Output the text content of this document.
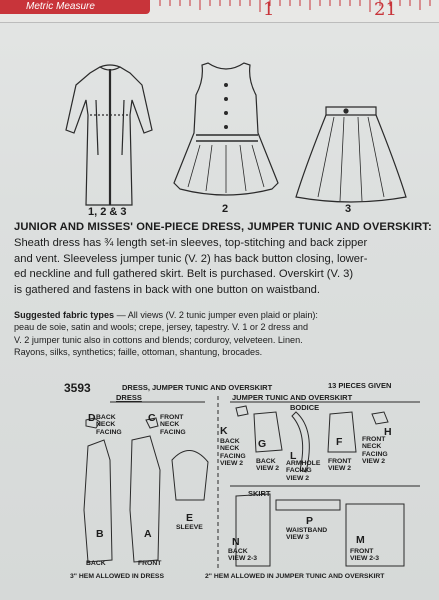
Metric Measure	1	21
1, 2 & 3	2	3
JUNIOR AND MISSES' ONE-PIECE DRESS, JUMPER TUNIC AND OVERSKIRT:
Sheath dress has ¾ length set-in sleeves, top-stitching and back zipper
and vent. Sleeveless jumper tunic (V. 2) has back button closing, lower-
ed neckline and full gathered skirt. Belt is purchased. Overskirt (V. 3)
is gathered and fastens in back with one button on waistband.
Suggested fabric types — All views (V. 2 tunic jumper even plaid or plain):
peau de soie, satin and wools; crepe, jersey, tapestry. V. 1 or 2 dress and
V. 2 jumper tunic also in cottons and blends; corduroy, velveteen. Linen.
Rayons, silks, synthetics; faille, ottoman, shantung, brocades.
3593	DRESS, JUMPER TUNIC AND OVERSKIRT	13 PIECES GIVEN
DRESS	JUMPER TUNIC AND OVERSKIRT
BODICE
SKIRT
D BACK
NECK
FACING
C FRONT
NECK
FACING
B
BACK
A
FRONT
E
SLEEVE
K
BACK
NECK
FACING
VIEW 2
G
BACK
VIEW 2
L
ARMHOLE
FACING
VIEW 2
F
FRONT
VIEW 2
H
FRONT
NECK
FACING
VIEW 2
N
BACK
VIEW 2-3
P
WAISTBAND
VIEW 3	M
FRONT
VIEW 2-3
3" HEM ALLOWED IN DRESS	2" HEM ALLOWED IN JUMPER TUNIC AND OVERSKIRT
